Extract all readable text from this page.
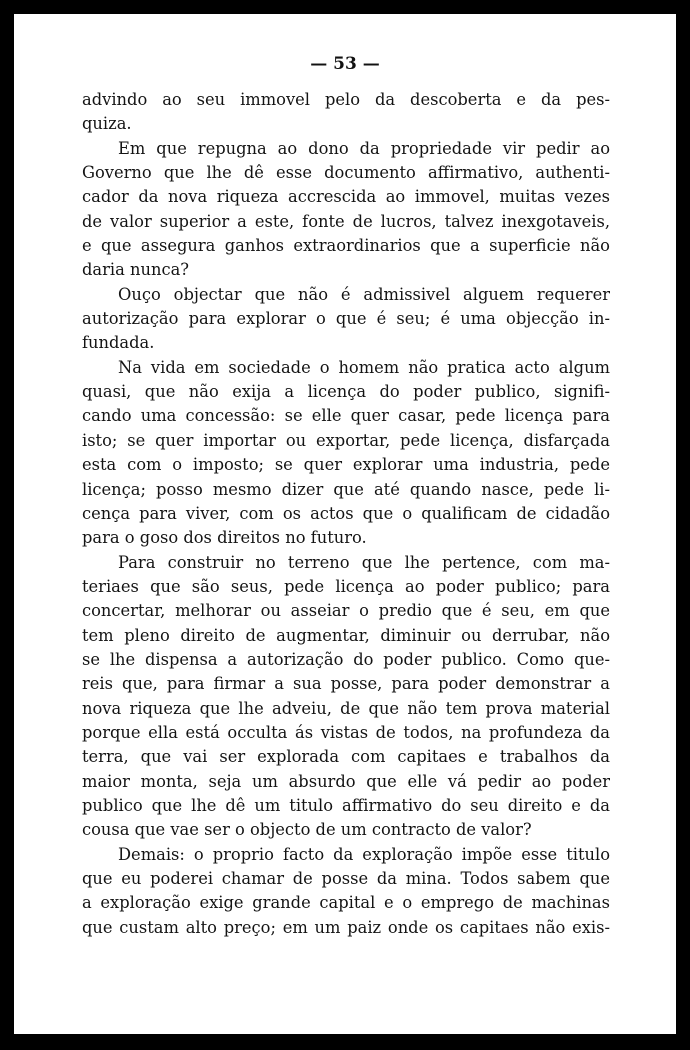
— 53 —
advindo ao seu immovel pelo da descoberta e da pes-
quiza.
Em que repugna ao dono da propriedade vir pedir ao
Governo que lhe dê esse documento affirmativo, authenti-
cador da nova riqueza accrescida ao immovel, muitas vezes
de valor superior a este, fonte de lucros, talvez inexgotaveis,
e que assegura ganhos extraordinarios que a superficie não
daria nunca?
Ouço objectar que não é admissivel alguem requerer
autorização para explorar o que é seu; é uma objecção in-
fundada.
Na vida em sociedade o homem não pratica acto algum
quasi, que não exija a licença do poder publico, signifi-
cando uma concessão: se elle quer casar, pede licença para
isto; se quer importar ou exportar, pede licença, disfarçada
esta com o imposto; se quer explorar uma industria, pede
licença; posso mesmo dizer que até quando nasce, pede li-
cença para viver, com os actos que o qualificam de cidadão
para o goso dos direitos no futuro.
Para construir no terreno que lhe pertence, com ma-
teriaes que são seus, pede licença ao poder publico; para
concertar, melhorar ou asseiar o predio que é seu, em que
tem pleno direito de augmentar, diminuir ou derrubar, não
se lhe dispensa a autorização do poder publico. Como que-
reis que, para firmar a sua posse, para poder demonstrar a
nova riqueza que lhe adveiu, de que não tem prova material
porque ella está occulta ás vistas de todos, na profundeza da
terra, que vai ser explorada com capitaes e trabalhos da
maior monta, seja um absurdo que elle vá pedir ao poder
publico que lhe dê um titulo affirmativo do seu direito e da
cousa que vae ser o objecto de um contracto de valor?
Demais: o proprio facto da exploração impõe esse titulo
que eu poderei chamar de posse da mina. Todos sabem que
a exploração exige grande capital e o emprego de machinas
que custam alto preço; em um paiz onde os capitaes não exis-
